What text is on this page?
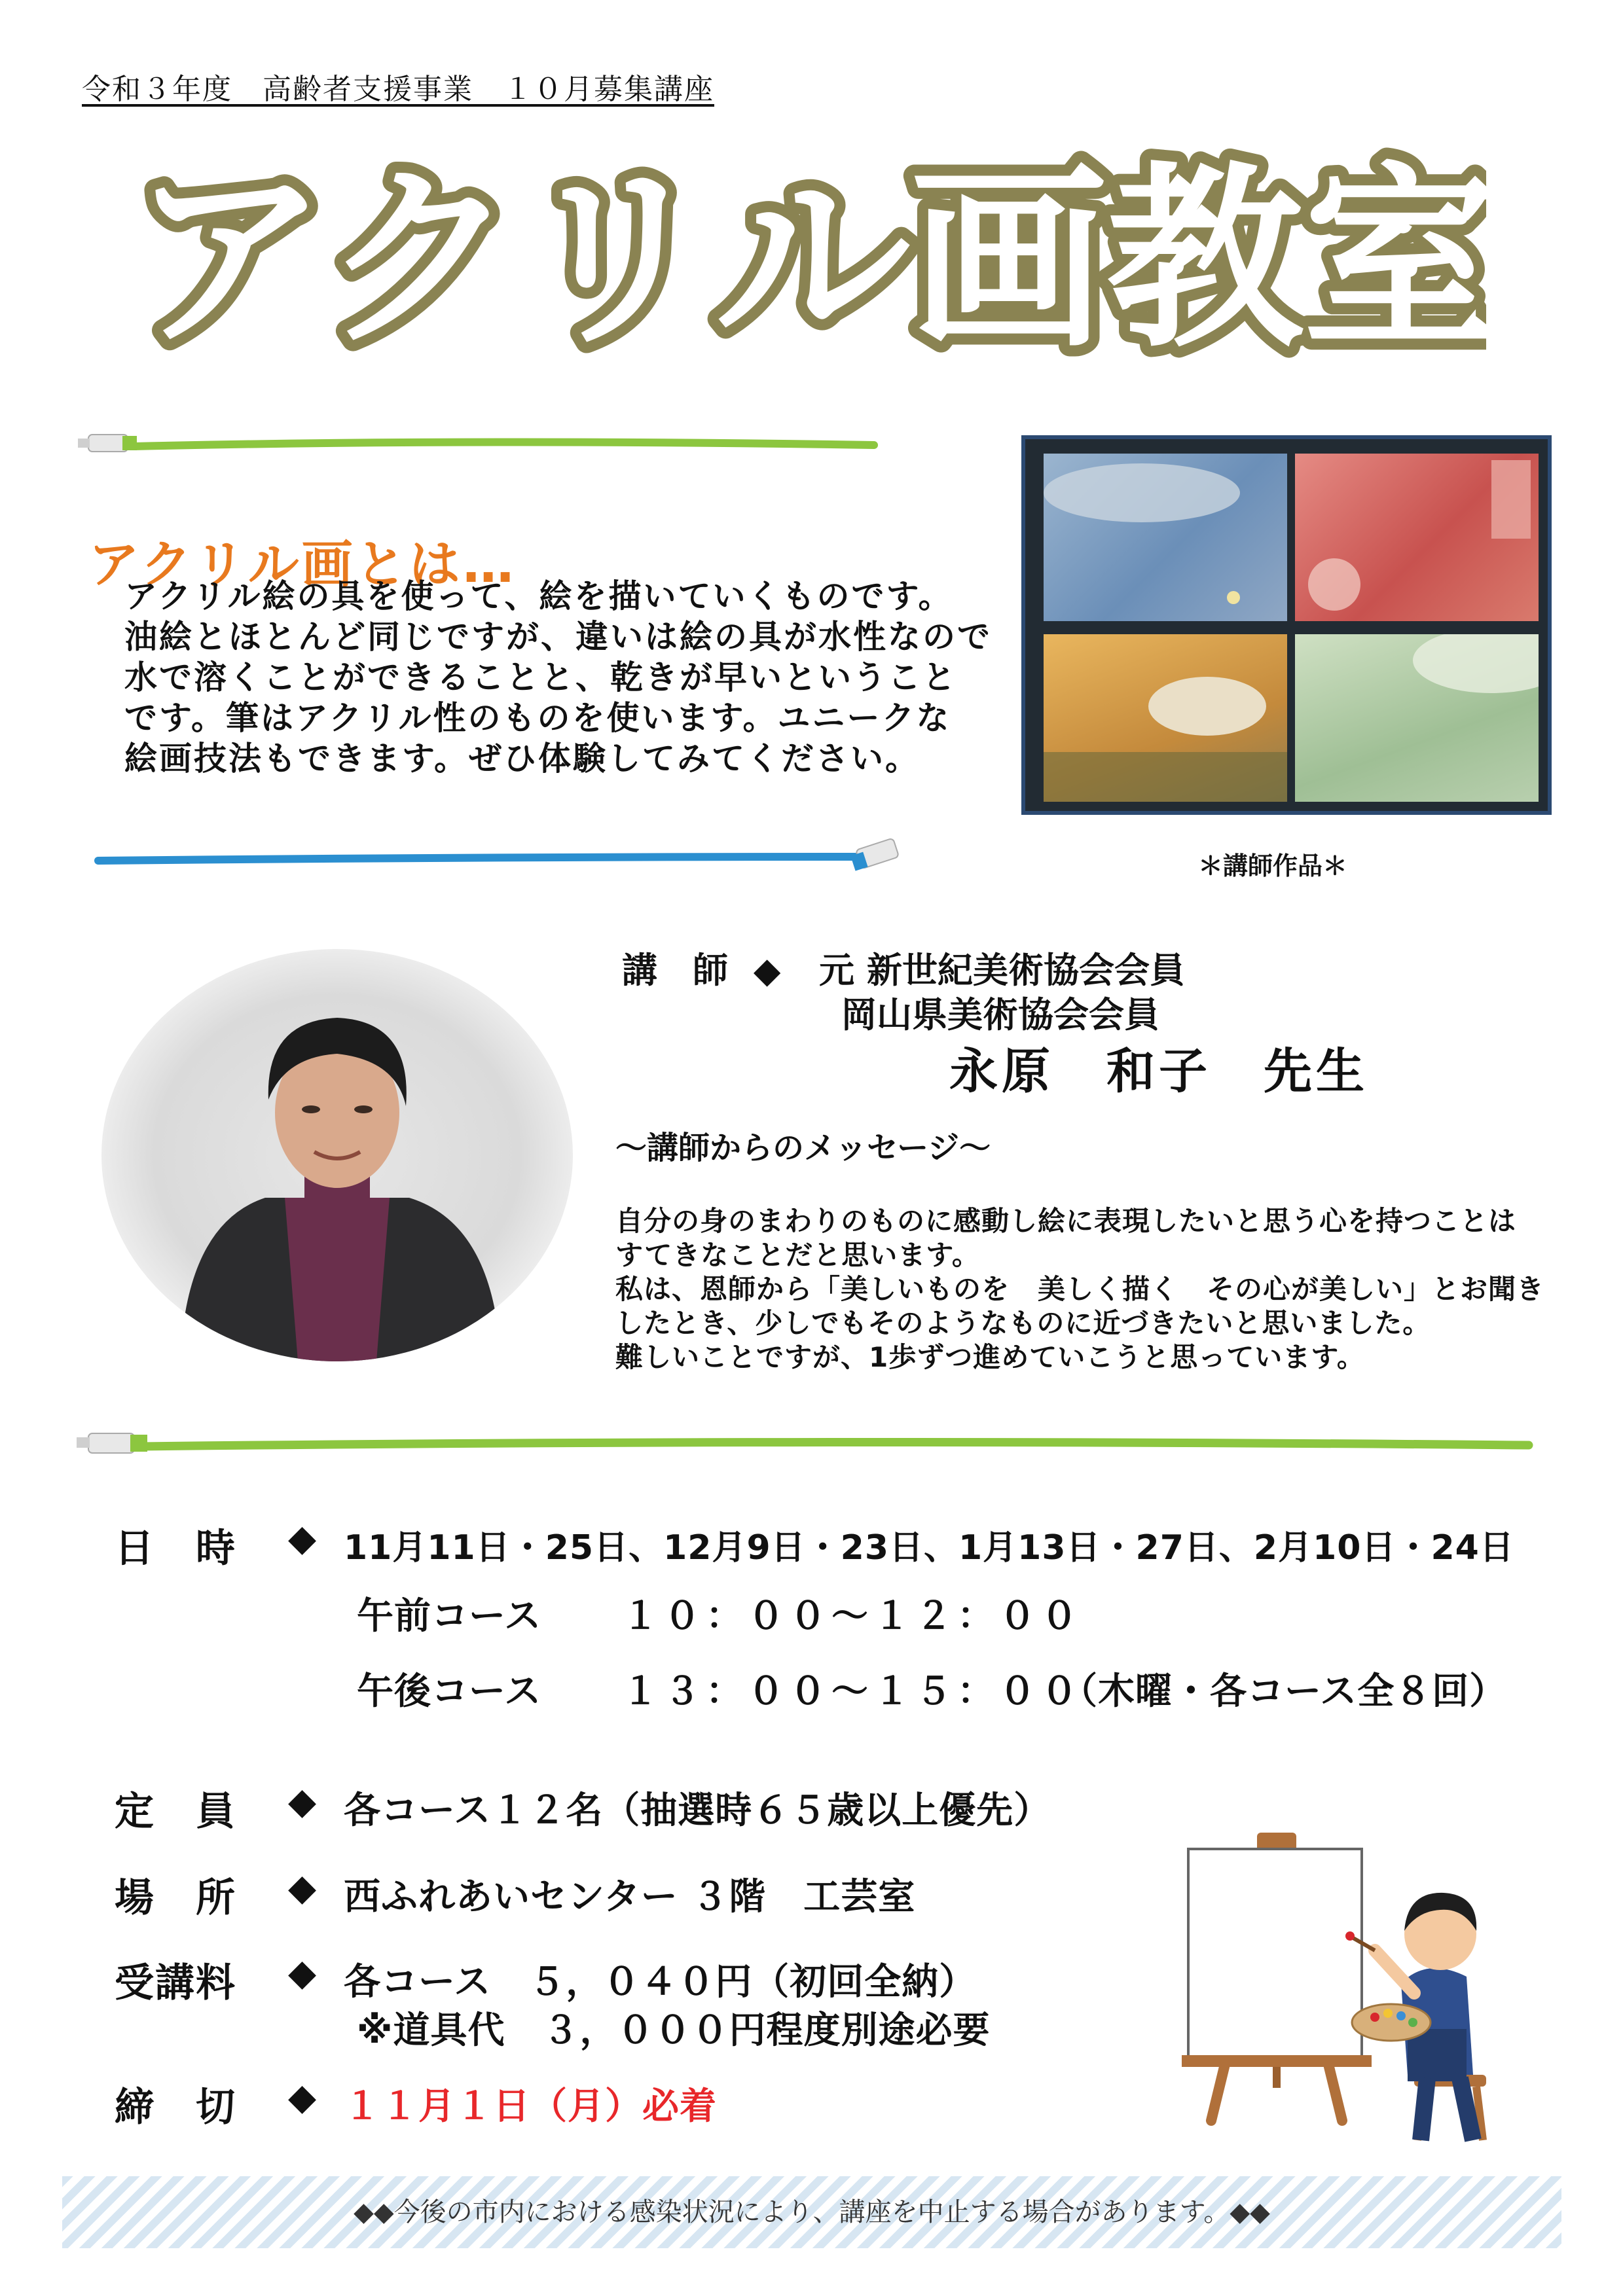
令和３年度　高齢者支援事業　１０月募集講座
アクリル画教室
アクリル画とは…
アクリル絵の具を使って、絵を描いていくものです。
油絵とほとんど同じですが、違いは絵の具が水性なので
水で溶くことができることと、乾きが早いということ
です。筆はアクリル性のものを使います。ユニークな
絵画技法もできます。ぜひ体験してみてください。
＊講師作品＊
講　師 ◆ 元 新世紀美術協会会員
岡山県美術協会会員
永原　和子　先生
～講師からのメッセージ～
自分の身のまわりのものに感動し絵に表現したいと思う心を持つことは
すてきなことだと思います。
私は、恩師から「美しいものを　美しく描く　その心が美しい」とお聞き
したとき、少しでもそのようなものに近づきたいと思いました。
難しいことですが、1歩ずつ進めていこうと思っています。
日　時 ◆ 11月11日・25日、12月9日・23日、1月13日・27日、2月10日・24日
午前コース １０：００～１２：００
午後コース １３：００～１５：００
（木曜・各コース全８回）
定　員 ◆ 各コース１２名（抽選時６５歳以上優先）
場　所 ◆ 西ふれあいセンター ３階　工芸室
受講料 ◆ 各コース　５，０４０円（初回全納）
※道具代　３，０００円程度別途必要
締　切 ◆ １１月１日（月）必着
◆◆今後の市内における感染状況により、講座を中止する場合があります。◆◆
